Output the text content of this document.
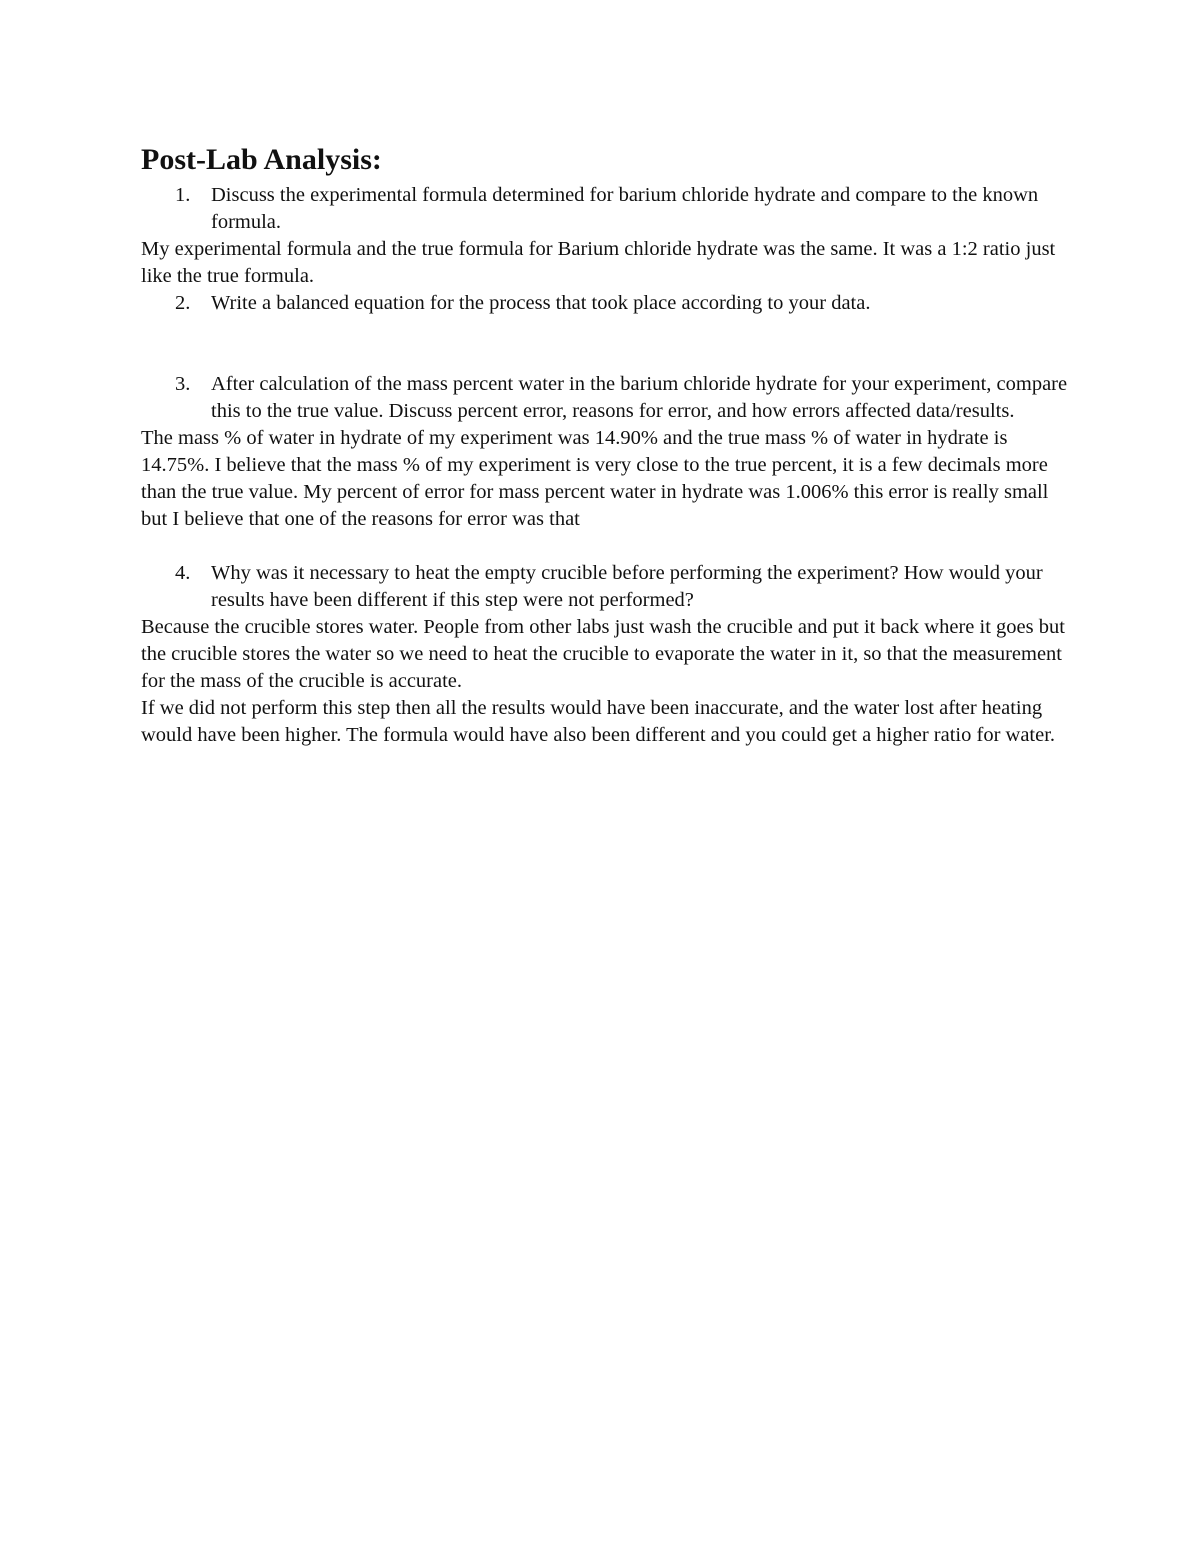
Post-Lab Analysis:
1. Discuss the experimental formula determined for barium chloride hydrate and compare to the known formula.

My experimental formula and the true formula for Barium chloride hydrate was the same. It was a 1:2 ratio just like the true formula.

2. Write a balanced equation for the process that took place according to your data.
3. After calculation of the mass percent water in the barium chloride hydrate for your experiment, compare this to the true value. Discuss percent error, reasons for error, and how errors affected data/results.

The mass % of water in hydrate of my experiment was 14.90% and the true mass % of water in hydrate is 14.75%. I believe that the mass % of my experiment is very close to the true percent, it is a few decimals more than the true value. My percent of error for mass percent water in hydrate was 1.006% this error is really small but I believe that one of the reasons for error was that

4. Why was it necessary to heat the empty crucible before performing the experiment? How would your results have been different if this step were not performed?

Because the crucible stores water. People from other labs just wash the crucible and put it back where it goes but the crucible stores the water so we need to heat the crucible to evaporate the water in it, so that the measurement for the mass of the crucible is accurate.

If we did not perform this step then all the results would have been inaccurate, and the water lost after heating would have been higher. The formula would have also been different and you could get a higher ratio for water.
